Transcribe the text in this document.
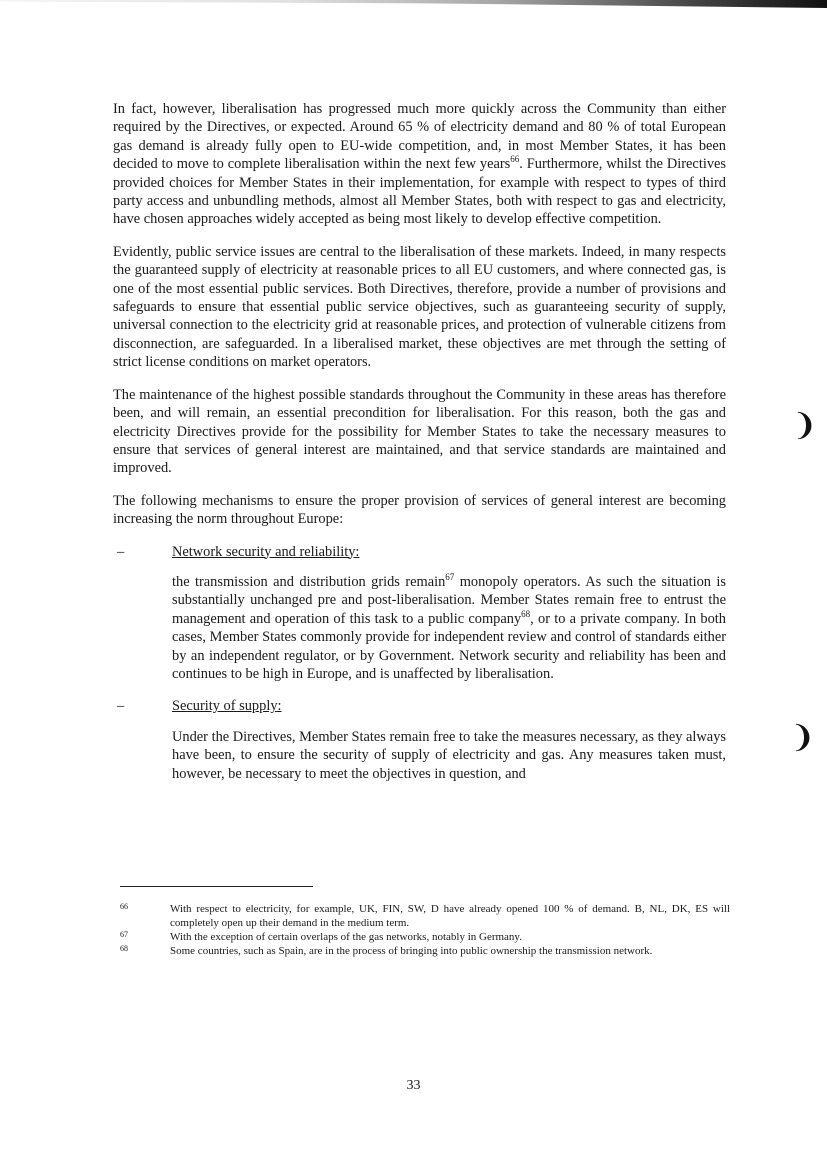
In fact, however, liberalisation has progressed much more quickly across the Community than either required by the Directives, or expected. Around 65 % of electricity demand and 80 % of total European gas demand is already fully open to EU-wide competition, and, in most Member States, it has been decided to move to complete liberalisation within the next few years$^{66}$. Furthermore, whilst the Directives provided choices for Member States in their implementation, for example with respect to types of third party access and unbundling methods, almost all Member States, both with respect to gas and electricity, have chosen approaches widely accepted as being most likely to develop effective competition.

Evidently, public service issues are central to the liberalisation of these markets. Indeed, in many respects the guaranteed supply of electricity at reasonable prices to all EU customers, and where connected gas, is one of the most essential public services. Both Directives, therefore, provide a number of provisions and safeguards to ensure that essential public service objectives, such as guaranteeing security of supply, universal connection to the electricity grid at reasonable prices, and protection of vulnerable citizens from disconnection, are safeguarded. In a liberalised market, these objectives are met through the setting of strict license conditions on market operators.

The maintenance of the highest possible standards throughout the Community in these areas has therefore been, and will remain, an essential precondition for liberalisation. For this reason, both the gas and electricity Directives provide for the possibility for Member States to take the necessary measures to ensure that services of general interest are maintained, and that service standards are maintained and improved.

The following mechanisms to ensure the proper provision of services of general interest are becoming increasing the norm throughout Europe:

–	Network security and reliability:

the transmission and distribution grids remain$^{67}$ monopoly operators. As such the situation is substantially unchanged pre and post-liberalisation. Member States remain free to entrust the management and operation of this task to a public company$^{68}$, or to a private company. In both cases, Member States commonly provide for independent review and control of standards either by an independent regulator, or by Government. Network security and reliability has been and continues to be high in Europe, and is unaffected by liberalisation.

–	Security of supply:

Under the Directives, Member States remain free to take the measures necessary, as they always have been, to ensure the security of supply of electricity and gas. Any measures taken must, however, be necessary to meet the objectives in question, and

66	With respect to electricity, for example, UK, FIN, SW, D have already opened 100 % of demand. B, NL, DK, ES will completely open up their demand in the medium term.
67	With the exception of certain overlaps of the gas networks, notably in Germany.
68	Some countries, such as Spain, are in the process of bringing into public ownership the transmission network.
33
❩
❩
